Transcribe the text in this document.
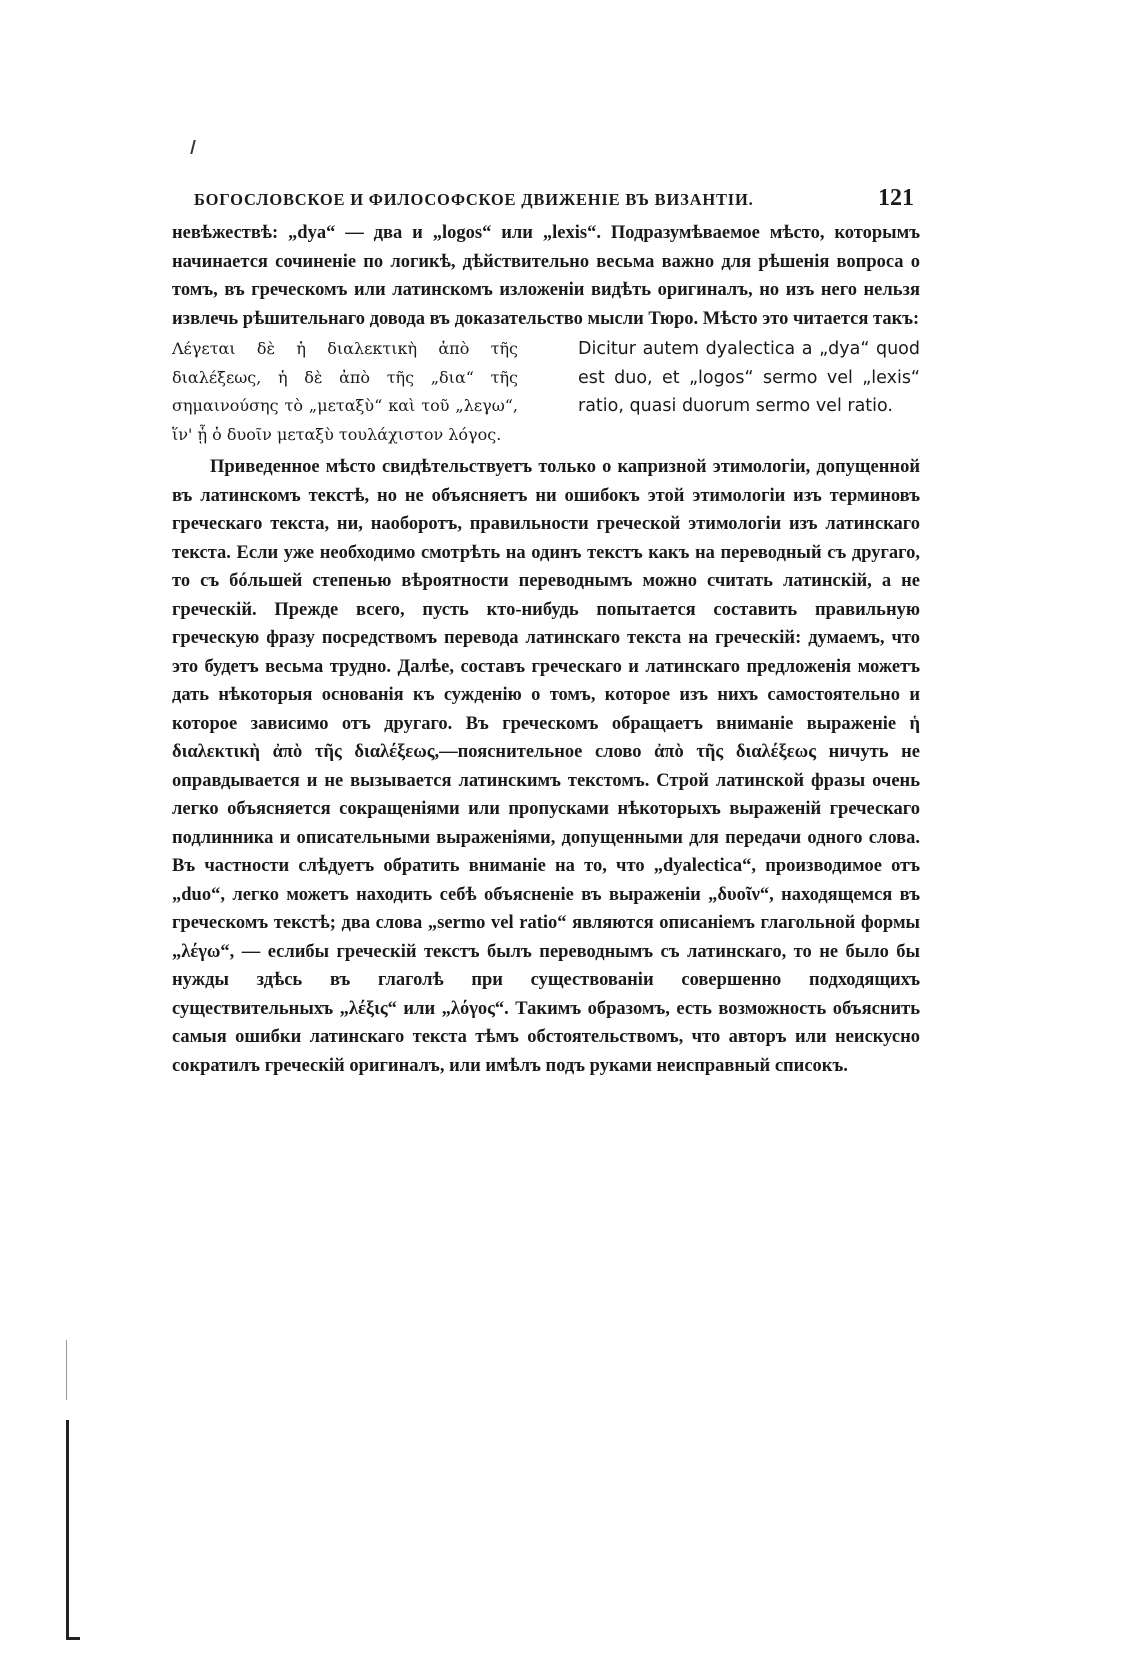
БОГОСЛОВСКОЕ И ФИЛОСОФСКОЕ ДВИЖЕНІЕ ВЪ ВИЗАНТІИ.	121

невѣжествѣ: „dya“ — два и „logos“ или „lexis“. Подразумѣваемое мѣсто, которымъ начинается сочиненіе по логикѣ, дѣйствительно весьма важно для рѣшенія вопроса о томъ, въ греческомъ или латинскомъ изложеніи видѣть оригиналъ, но изъ него нельзя извлечь рѣшительнаго довода въ доказательство мысли Тюро. Мѣсто это читается такъ:

Λέγεται δὲ ἡ διαλεκτικὴ ἀπὸ τῆς διαλέξεως, ἡ δὲ ἀπὸ τῆς „δια“ τῆς σημαινούσης τὸ „μεταξὺ“ καὶ τοῦ „λεγω“, ἵν' ᾖ ὁ δυοῖν μεταξὺ τουλάχιστον λόγος.

Dicitur autem dyalectica a „dya“ quod est duo, et „logos“ sermo vel „lexis“ ratio, quasi duorum sermo vel ratio.

Приведенное мѣсто свидѣтельствуетъ только о капризной этимологіи, допущенной въ латинскомъ текстѣ, но не объясняетъ ни ошибокъ этой этимологіи изъ терминовъ греческаго текста, ни, наоборотъ, правильности греческой этимологіи изъ латинскаго текста. Если уже необходимо смотрѣть на одинъ текстъ какъ на переводный съ другаго, то съ бóльшей степенью вѣроятности переводнымъ можно считать латинскій, а не греческій. Прежде всего, пусть кто-нибудь попытается составить правильную греческую фразу посредствомъ перевода латинскаго текста на греческій: думаемъ, что это будетъ весьма трудно. Далѣе, составъ греческаго и латинскаго предложенія можетъ дать нѣкоторыя основанія къ сужденію о томъ, которое изъ нихъ самостоятельно и которое зависимо отъ другаго. Въ греческомъ обращаетъ вниманіе выраженіе ἡ διαλεκτικὴ ἀπὸ τῆς διαλέξεως,—пояснительное слово ἀπὸ τῆς διαλέξεως ничуть не оправдывается и не вызывается латинскимъ текстомъ. Строй латинской фразы очень легко объясняется сокращеніями или пропусками нѣкоторыхъ выраженій греческаго подлинника и описательными выраженіями, допущенными для передачи одного слова. Въ частности слѣдуетъ обратить вниманіе на то, что „dyalectica“, производимое отъ „duo“, легко можетъ находить себѣ объясненіе въ выраженіи „δυοῖν“, находящемся въ греческомъ текстѣ; два слова „sermo vel ratio“ являются описаніемъ глагольной формы „λέγω“, — еслибы греческій текстъ былъ переводнымъ съ латинскаго, то не было бы нужды здѣсь въ глаголѣ при существованіи совершенно подходящихъ существительныхъ „λέξις“ или „λόγος“. Такимъ образомъ, есть возможность объяснить самыя ошибки латинскаго текста тѣмъ обстоятельствомъ, что авторъ или неискусно сократилъ греческій оригиналъ, или имѣлъ подъ руками неисправный списокъ.
